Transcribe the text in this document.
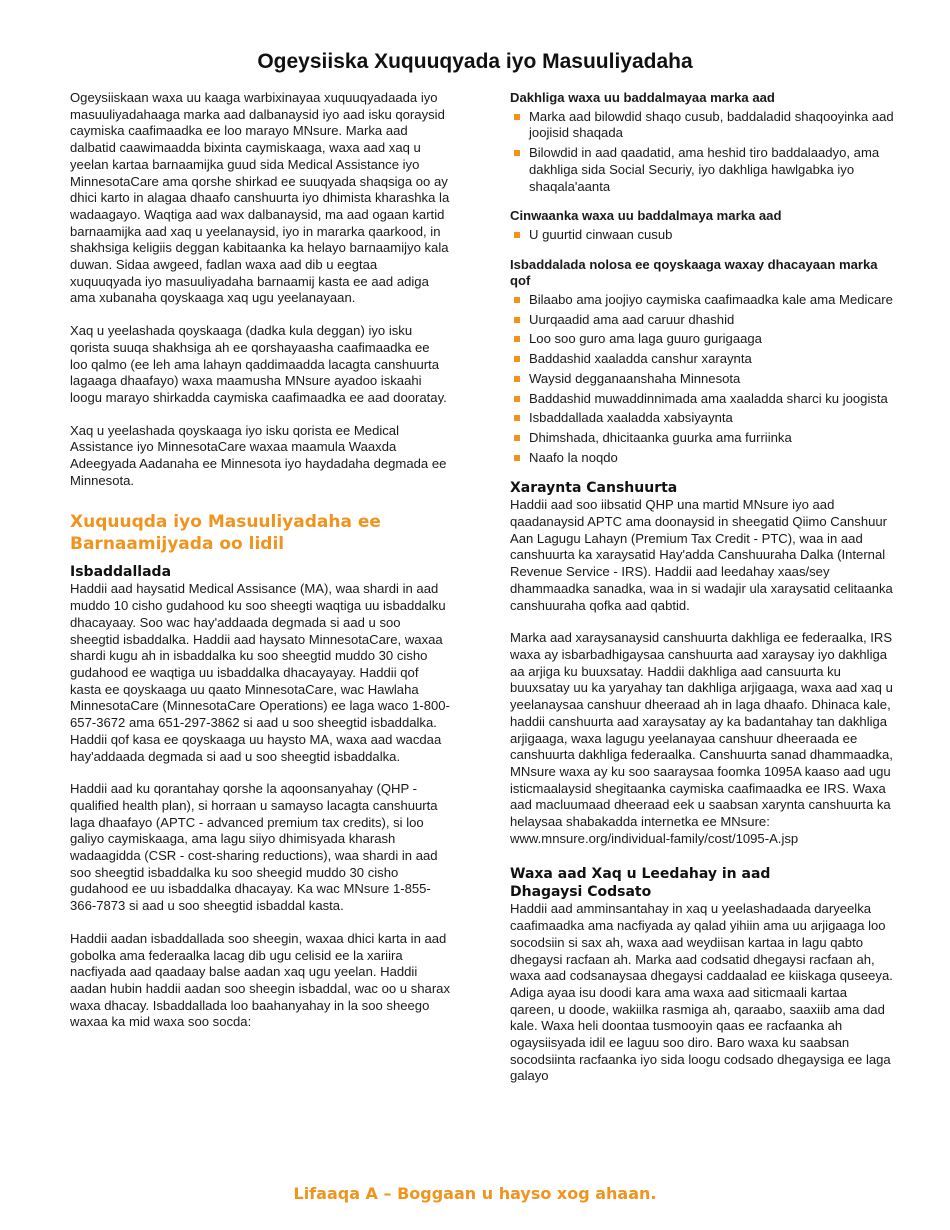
Ogeysiiska Xuquuqyada iyo Masuuliyadaha

Ogeysiiskaan waxa uu kaaga warbixinayaa xuquuqyadaada iyo masuuliyadahaaga marka aad dalbanaysid iyo aad isku qoraysid caymiska caafimaadka ee loo marayo MNsure. Marka aad dalbatid caawimaadda bixinta caymiskaaga, waxa aad xaq u yeelan kartaa barnaamijka guud sida Medical Assistance iyo MinnesotaCare ama qorshe shirkad ee suuqyada shaqsiga oo ay dhici karto in alagaa dhaafo canshuurta iyo dhimista kharashka la wadaagayo. Waqtiga aad wax dalbanaysid, ma aad ogaan kartid barnaamijka aad xaq u yeelanaysid, iyo in mararka qaarkood, in shakhsiga keligiis deggan kabitaanka ka helayo barnaamijyo kala duwan. Sidaa awgeed, fadlan waxa aad dib u eegtaa xuquuqyada iyo masuuliyadaha barnaamij kasta ee aad adiga ama xubanaha qoyskaaga xaq ugu yeelanayaan.

Xaq u yeelashada qoyskaaga (dadka kula deggan) iyo isku qorista suuqa shakhsiga ah ee qorshayaasha caafimaadka ee loo qalmo (ee leh ama lahayn qaddimaadda lacagta canshuurta lagaaga dhaafayo) waxa maamusha MNsure ayadoo iskaahi loogu marayo shirkadda caymiska caafimaadka ee aad dooratay.

Xaq u yeelashada qoyskaaga iyo isku qorista ee Medical Assistance iyo MinnesotaCare waxaa maamula Waaxda Adeegyada Aadanaha ee Minnesota iyo haydadaha degmada ee Minnesota.

Xuquuqda iyo Masuuliyadaha ee Barnaamijyada oo lidil
Isbaddallada

Haddii aad haysatid Medical Assisance (MA), waa shardi in aad muddo 10 cisho gudahood ku soo sheegti waqtiga uu isbaddalku dhacayaay. Soo wac hay'addaada degmada si aad u soo sheegtid isbaddalka. Haddii aad haysato MinnesotaCare, waxaa shardi kugu ah in isbaddalka ku soo sheegtid muddo 30 cisho gudahood ee waqtiga uu isbaddalka dhacayayay. Haddii qof kasta ee qoyskaaga uu qaato MinnesotaCare, wac Hawlaha MinnesotaCare (MinnesotaCare Operations) ee laga waco 1-800-657-3672 ama 651-297-3862 si aad u soo sheegtid isbaddalka. Haddii qof kasa ee qoyskaaga uu haysto MA, waxa aad wacdaa hay'addaada degmada si aad u soo sheegtid isbaddalka.

Haddii aad ku qorantahay qorshe la aqoonsanyahay (QHP - qualified health plan), si horraan u samayso lacagta canshuurta laga dhaafayo (APTC - advanced premium tax credits), si loo galiyo caymiskaaga, ama lagu siiyo dhimisyada kharash wadaagidda (CSR - cost-sharing reductions), waa shardi in aad soo sheegtid isbaddalka ku soo sheegid muddo 30 cisho gudahood ee uu isbaddalka dhacayay. Ka wac MNsure 1-855-366-7873 si aad u soo sheegtid isbaddal kasta.

Haddii aadan isbaddallada soo sheegin, waxaa dhici karta in aad gobolka ama federaalka lacag dib ugu celisid ee la xariira nacfiyada aad qaadaay balse aadan xaq ugu yeelan. Haddii aadan hubin haddii aadan soo sheegin isbaddal, wac oo u sharax waxa dhacay. Isbaddallada loo baahanyahay in la soo sheego waxaa ka mid waxa soo socda:

Dakhliga waxa uu baddalmayaa marka aad
Marka aad bilowdid shaqo cusub, baddaladid shaqooyinka aad joojisid shaqada
Bilowdid in aad qaadatid, ama heshid tiro baddalaadyo, ama dakhliga sida Social Securiy, iyo dakhliga hawlgabka iyo shaqala'aanta
Cinwaanka waxa uu baddalmaya marka aad
U guurtid cinwaan cusub
Isbaddalada nolosa ee qoyskaaga waxay dhacayaan marka qof
Bilaabo ama joojiyo caymiska caafimaadka kale ama Medicare
Uurqaadid ama aad caruur dhashid
Loo soo guro ama laga guuro gurigaaga
Baddashid xaaladda canshur xaraynta
Waysid degganaanshaha Minnesota
Baddashid muwaddinnimada ama xaaladda sharci ku joogista
Isbaddallada xaaladda xabsiyaynta
Dhimshada, dhicitaanka guurka ama furriinka
Naafo la noqdo
Xaraynta Canshuurta

Haddii aad soo iibsatid QHP una martid MNsure iyo aad qaadanaysid APTC ama doonaysid in sheegatid Qiimo Canshuur Aan Lagugu Lahayn (Premium Tax Credit - PTC), waa in aad canshuurta ka xaraysatid Hay'adda Canshuuraha Dalka (Internal Revenue Service - IRS). Haddii aad leedahay xaas/sey dhammaadka sanadka, waa in si wadajir ula xaraysatid celitaanka canshuuraha qofka aad qabtid.

Marka aad xaraysanaysid canshuurta dakhliga ee federaalka, IRS waxa ay isbarbadhigaysaa canshuurta aad xaraysay iyo dakhliga aa arjiga ku buuxsatay. Haddii dakhliga aad cansuurta ku buuxsatay uu ka yaryahay tan dakhliga arjigaaga, waxa aad xaq u yeelanaysaa canshuur dheeraad ah in laga dhaafo. Dhinaca kale, haddii canshuurta aad xaraysatay ay ka badantahay tan dakhliga arjigaaga, waxa lagugu yeelanayaa canshuur dheeraada ee canshuurta dakhliga federaalka. Canshuurta sanad dhammaadka, MNsure waxa ay ku soo saaraysaa foomka 1095A kaaso aad ugu isticmaalaysid shegitaanka caymiska caafimaadka ee IRS. Waxa aad macluumaad dheeraad eek u saabsan xarynta canshuurta ka helaysaa shabakadda internetka ee MNsure: www.mnsure.org/individual-family/cost/1095-A.jsp

Waxa aad Xaq u Leedahay in aad
Dhagaysi Codsato

Haddii aad amminsantahay in xaq u yeelashadaada daryeelka caafimaadka ama nacfiyada ay qalad yihiin ama uu arjigaaga loo socodsiin si sax ah, waxa aad weydiisan kartaa in lagu qabto dhegaysi racfaan ah. Marka aad codsatid dhegaysi racfaan ah, waxa aad codsanaysaa dhegaysi caddaalad ee kiiskaga quseeya. Adiga ayaa isu doodi kara ama waxa aad siticmaali kartaa qareen, u doode, wakiilka rasmiga ah, qaraabo, saaxiib ama dad kale. Waxa heli doontaa tusmooyin qaas ee racfaanka ah ogaysiisyada idil ee laguu soo diro. Baro waxa ku saabsan socodsiinta racfaanka iyo sida loogu codsado dhegaysiga ee laga galayo

Lifaaqa A – Boggaan u hayso xog ahaan.
